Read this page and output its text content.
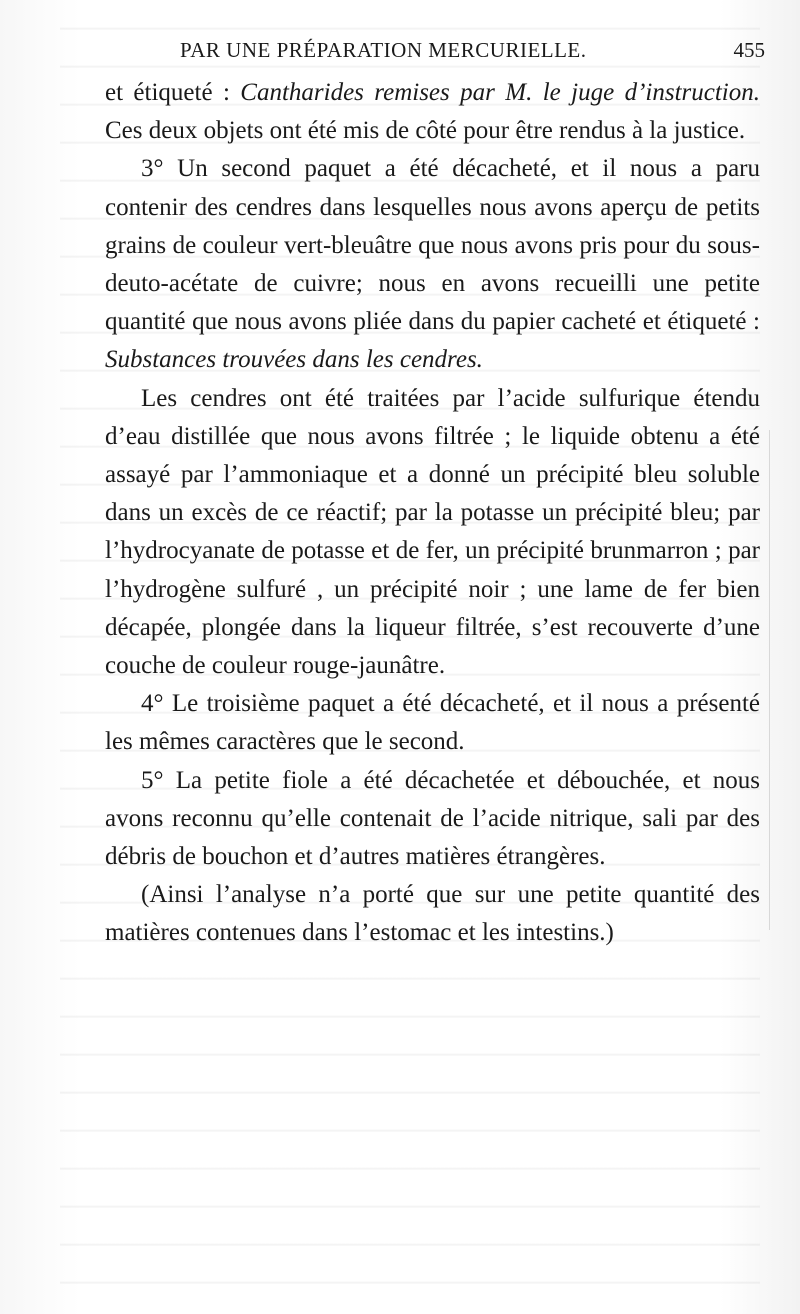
PAR UNE PRÉPARATION MERCURIELLE.	455

et étiqueté : Cantharides remises par M. le juge d’instruction. Ces deux objets ont été mis de côté pour être rendus à la justice.

3° Un second paquet a été décacheté, et il nous a paru contenir des cendres dans lesquelles nous avons aperçu de petits grains de couleur vert-bleuâtre que nous avons pris pour du sous-deuto-acétate de cuivre; nous en avons recueilli une petite quantité que nous avons pliée dans du papier cacheté et étiqueté : Substances trouvées dans les cendres.

Les cendres ont été traitées par l’acide sulfurique étendu d’eau distillée que nous avons filtrée ; le liquide obtenu a été assayé par l’ammoniaque et a donné un précipité bleu soluble dans un excès de ce réactif; par la potasse un précipité bleu; par l’hydrocyanate de potasse et de fer, un précipité brunmarron ; par l’hydrogène sulfuré , un précipité noir ; une lame de fer bien décapée, plongée dans la liqueur filtrée, s’est recouverte d’une couche de couleur rouge-jaunâtre.

4° Le troisième paquet a été décacheté, et il nous a présenté les mêmes caractères que le second.

5° La petite fiole a été décachetée et débouchée, et nous avons reconnu qu’elle contenait de l’acide nitrique, sali par des débris de bouchon et d’autres matières étrangères.

(Ainsi l’analyse n’a porté que sur une petite quantité des matières contenues dans l’estomac et les intestins.)
